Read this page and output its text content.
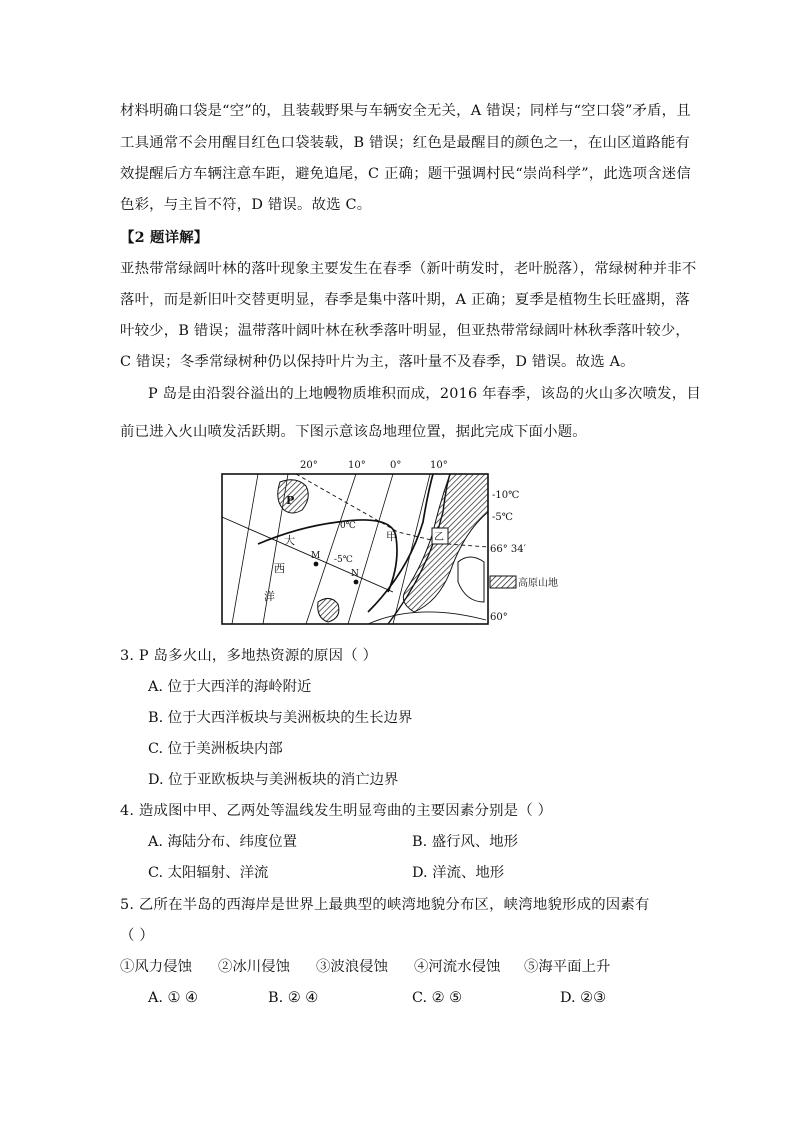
材料明确口袋是“空”的，且装载野果与车辆安全无关，A 错误；同样与“空口袋”矛盾，且
工具通常不会用醒目红色口袋装载，B 错误；红色是最醒目的颜色之一，在山区道路能有
效提醒后方车辆注意车距，避免追尾，C 正确；题干强调村民“崇尚科学”，此选项含迷信
色彩，与主旨不符，D 错误。故选 C。
【2 题详解】
亚热带常绿阔叶林的落叶现象主要发生在春季（新叶萌发时，老叶脱落），常绿树种并非不
落叶，而是新旧叶交替更明显，春季是集中落叶期，A 正确；夏季是植物生长旺盛期，落
叶较少，B 错误；温带落叶阔叶林在秋季落叶明显，但亚热带常绿阔叶林秋季落叶较少，
C 错误；冬季常绿树种仍以保持叶片为主，落叶量不及春季，D 错误。故选 A。
P 岛是由沿裂谷溢出的上地幔物质堆积而成，2016 年春季，该岛的火山多次喷发，目
前已进入火山喷发活跃期。下图示意该岛地理位置，据此完成下面小题。
20°	10° 0°	10°
-10℃
-5℃
66° 34′
60°
0℃
-5℃
P
甲	乙
M
N
大
西
洋
高原山地
3. P 岛多火山，多地热资源的原因（ ）
A. 位于大西洋的海岭附近
B. 位于大西洋板块与美洲板块的生长边界
C. 位于美洲板块内部
D. 位于亚欧板块与美洲板块的消亡边界
4. 造成图中甲、乙两处等温线发生明显弯曲的主要因素分别是（ ）
A. 海陆分布、纬度位置	B. 盛行风、地形
C. 太阳辐射、洋流	D. 洋流、地形
5. 乙所在半岛的西海岸是世界上最典型的峡湾地貌分布区，峡湾地貌形成的因素有
（ ）
①风力侵蚀 ②冰川侵蚀 ③波浪侵蚀 ④河流水侵蚀 ⑤海平面上升
A. ① ④	B. ② ④	C. ② ⑤	D. ②③
